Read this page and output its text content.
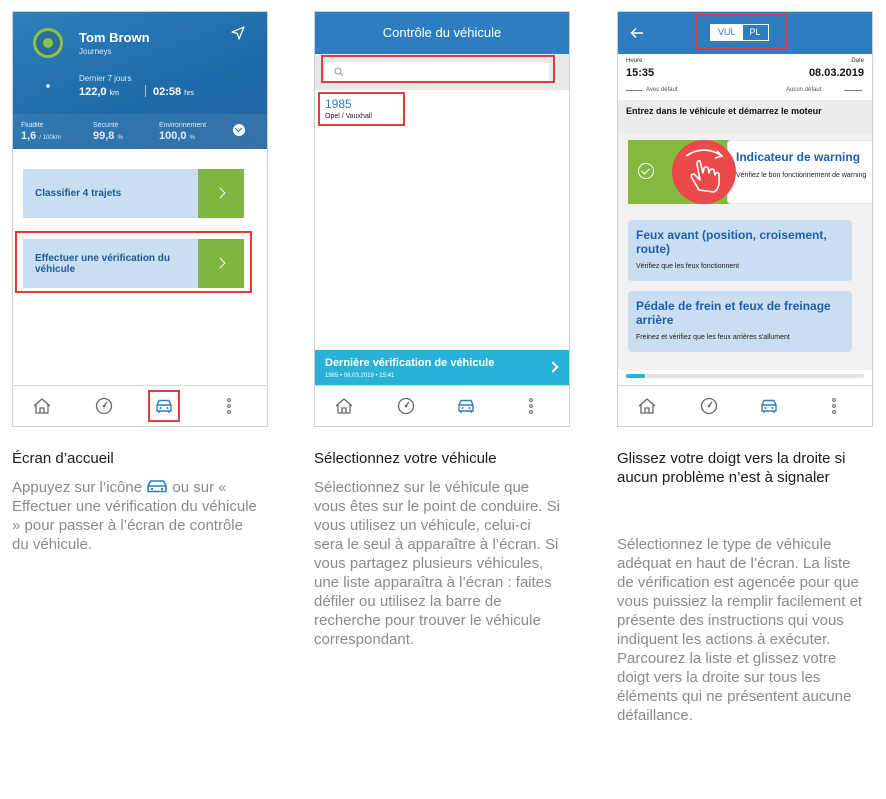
Tom Brown
Journeys
Dernier 7 jours
122,0 km	02:58 hrs
Fluidité
1,6 / 100km
Sécurité
99,8 %
Environnement
100,0 %
Classifier 4 trajets
Effectuer une vérification du véhicule
Écran d’accueil
Appuyez sur l’icône ou sur « Effectuer une vérification du véhicule » pour passer à l’écran de contrôle du véhicule.
Contrôle du véhicule
1985
Opel / Vauxhall
Dernière vérification de véhicule
1985 • 08.03.2019 • 15:41
Sélectionnez votre véhicule
Sélectionnez sur le véhicule que vous êtes sur le point de conduire. Si vous utilisez un véhicule, celui-ci sera le seul à apparaître à l’écran. Si vous partagez plusieurs véhicules, une liste apparaîtra à l’écran : faites défiler ou utilisez la barre de recherche pour trouver le véhicule correspondant.
VUL	PL
Heure	Date
15:35	08.03.2019
Avec défaut	Aucun défaut
Entrez dans le véhicule et démarrez le moteur
Indicateur de warning
Vérifiez le bon fonctionnement de warning
Feux avant (position, croisement, route)
Vérifiez que les feux fonctionnent
Pédale de frein et feux de freinage arrière
Freinez et vérifiez que les feux arrières s'allument
Glissez votre doigt vers la droite si aucun problème n’est à signaler
Sélectionnez le type de véhicule adéquat en haut de l’écran. La liste de vérification est agencée pour que vous puissiez la remplir facilement et présente des instructions qui vous indiquent les actions à exécuter. Parcourez la liste et glissez votre doigt vers la droite sur tous les éléments qui ne présentent aucune défaillance.
